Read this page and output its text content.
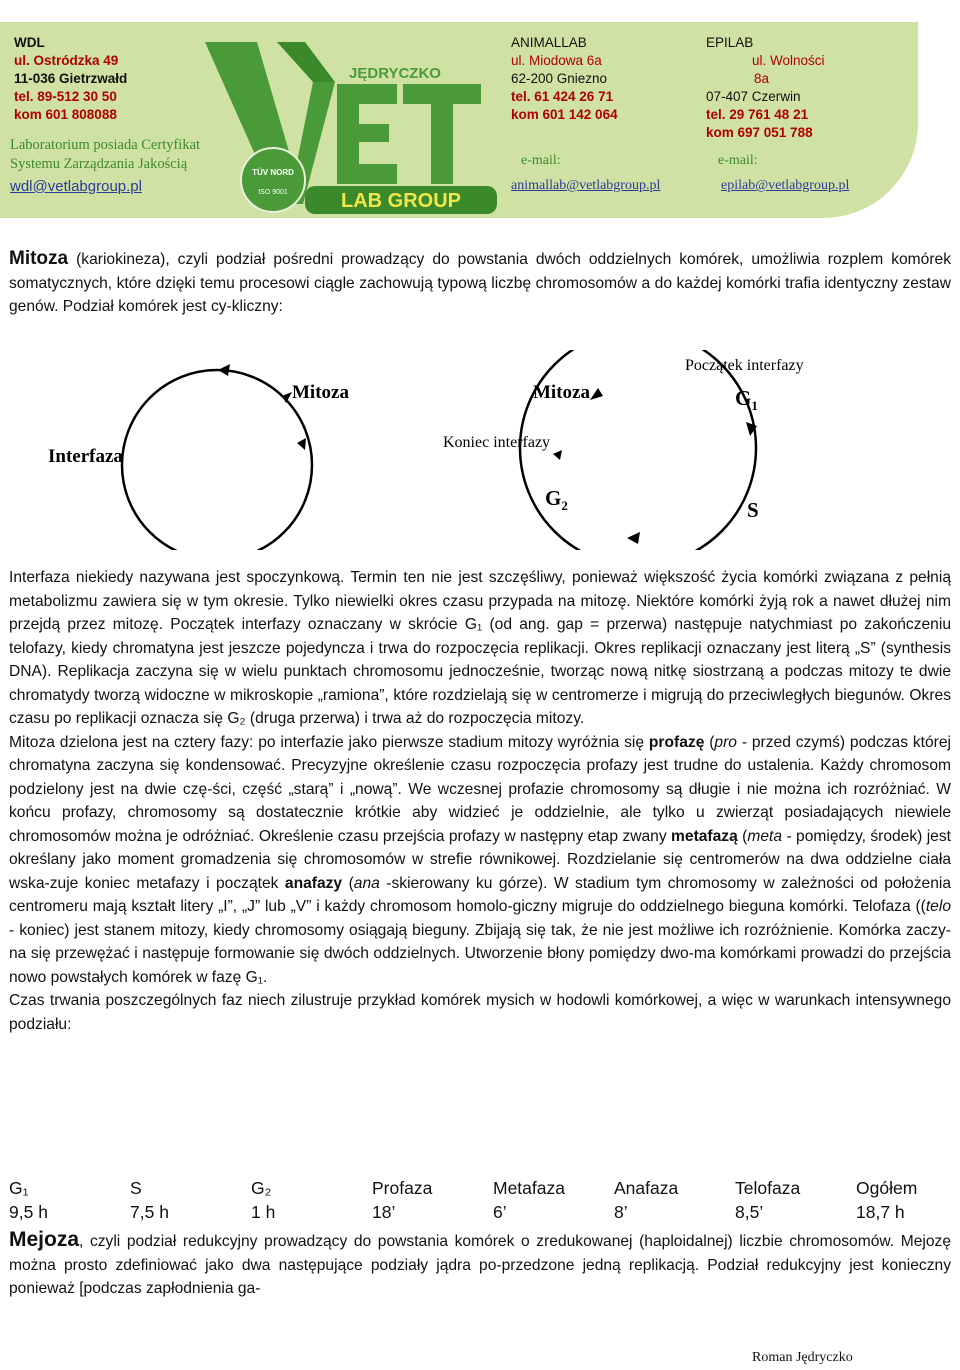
WDL
ul. Ostródzka 49
11-036 Gietrzwałd
tel. 89-512 30 50
kom 601 808088
Laboratorium posiada Certyfikat
Systemu Zarządzania Jakością
wdl@vetlabgroup.pl
JĘDRYCZKO
LAB GROUP
TÜV NORD
ISO 9001
ANIMALLAB
ul. Miodowa 6a
62-200 Gniezno
tel. 61 424 26 71
kom 601 142 064
e-mail:
animallab@vetlabgroup.pl
EPILAB
ul. Wolności
8a
07-407 Czerwin
tel. 29 761 48 21
kom 697 051 788
e-mail:
epilab@vetlabgroup.pl

Mitoza (kariokineza), czyli podział pośredni prowadzący do powstania dwóch oddzielnych komórek, umożliwia rozplem komórek somatycznych, które dzięki temu procesowi ciągle zachowują typową liczbę chromosomów a do każdej komórki trafia identyczny zestaw genów. Podział komórek jest cy-kliczny:

Mitoza
Interfaza
Mitoza
Początek interfazy
$G_1$
Koniec interfazy
$G_2$	S

Interfaza niekiedy nazywana jest spoczynkową. Termin ten nie jest szczęśliwy, ponieważ większość życia komórki związana z pełnią metabolizmu zawiera się w tym okresie. Tylko niewielki okres czasu przypada na mitozę. Niektóre komórki żyją rok a nawet dłużej nim przejdą przez mitozę. Początek interfazy oznaczany w skrócie G₁ (od ang. gap = przerwa) następuje natychmiast po zakończeniu telofazy, kiedy chromatyna jest jeszcze pojedyncza i trwa do rozpoczęcia replikacji. Okres replikacji oznaczany jest literą „S” (synthesis DNA). Replikacja zaczyna się w wielu punktach chromosomu jednocześnie, tworząc nową nitkę siostrzaną a podczas mitozy te dwie chromatydy tworzą widoczne w mikroskopie „ramiona”, które rozdzielają się w centromerze i migrują do przeciwległych biegunów. Okres czasu po replikacji oznacza się G₂ (druga przerwa) i trwa aż do rozpoczęcia mitozy.

Mitoza dzielona jest na cztery fazy: po interfazie jako pierwsze stadium mitozy wyróżnia się profazę (pro - przed czymś) podczas której chromatyna zaczyna się kondensować. Precyzyjne określenie czasu rozpoczęcia profazy jest trudne do ustalenia. Każdy chromosom podzielony jest na dwie czę-ści, część „starą” i „nową”. We wczesnej profazie chromosomy są długie i nie można ich rozróżniać. W końcu profazy, chromosomy są dostatecznie krótkie aby widzieć je oddzielnie, ale tylko u zwierząt posiadających niewiele chromosomów można je odróżniać. Określenie czasu przejścia profazy w następny etap zwany metafazą (meta - pomiędzy, środek) jest określany jako moment gromadzenia się chromosomów w strefie równikowej. Rozdzielanie się centromerów na dwa oddzielne ciała wska-zuje koniec metafazy i początek anafazy (ana -skierowany ku górze). W stadium tym chromosomy w zależności od położenia centromeru mają kształt litery „I”, „J” lub „V” i każdy chromosom homolo-giczny migruje do oddzielnego bieguna komórki. Telofaza ((telo - koniec) jest stanem mitozy, kiedy chromosomy osiągają bieguny. Zbijają się tak, że nie jest możliwe ich rozróżnienie. Komórka zaczy-na się przewężać i następuje formowanie się dwóch oddzielnych. Utworzenie błony pomiędzy dwo-ma komórkami prowadzi do przejścia nowo powstałych komórek w fazę G₁.

Czas trwania poszczególnych faz niech zilustruje przykład komórek mysich w hodowli komórkowej, a więc w warunkach intensywnego podziału:

G₁	S	G₂	Profaza	Metafaza	Anafaza	Telofaza	Ogółem
9,5 h	7,5 h	1 h	18’	6’	8’	8,5’	18,7 h

Mejoza, czyli podział redukcyjny prowadzący do powstania komórek o zredukowanej (haploidalnej) liczbie chromosomów. Mejozę można prosto zdefiniować jako dwa następujące podziały jądra po-przedzone jedną replikacją. Podział redukcyjny jest konieczny ponieważ [podczas zapłodnienia ga-

Roman Jędryczko
